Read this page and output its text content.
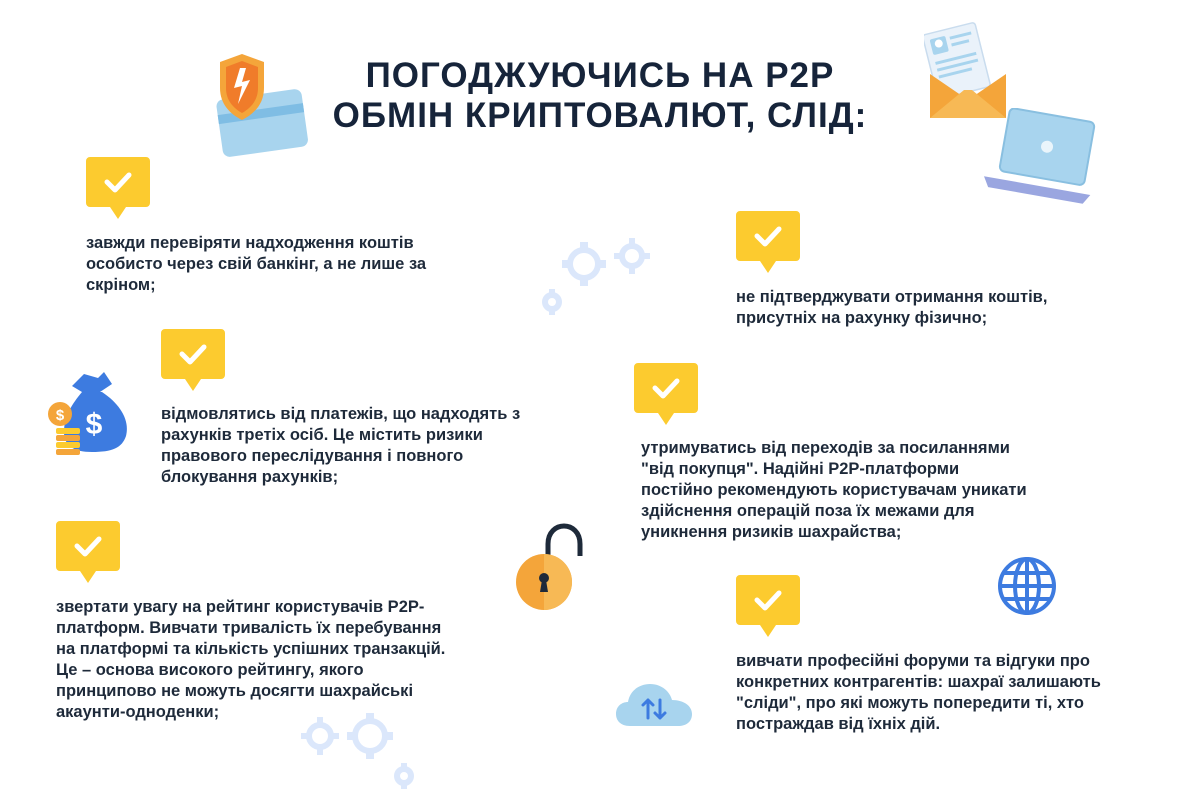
ПОГОДЖУЮЧИСЬ НА P2P
ОБМІН КРИПТОВАЛЮТ, СЛІД:
завжди перевіряти надходження коштів
особисто через свій банкінг, а не лише за
скріном;
не підтверджувати отримання коштів,
присутніх на рахунку фізично;
відмовлятись від платежів, що надходять з
рахунків третіх осіб. Це містить ризики
правового переслідування і повного
блокування рахунків;
утримуватись від переходів за посиланнями
"від покупця". Надійні P2P-платформи
постійно рекомендують користувачам уникати
здійснення операцій поза їх межами для
уникнення ризиків шахрайства;
звертати увагу на рейтинг користувачів P2P-
платформ. Вивчати тривалість їх перебування
на платформі та кількість успішних транзакцій.
Це – основа високого рейтингу, якого
принципово не можуть досягти шахрайські
акаунти-одноденки;
вивчати професійні форуми та відгуки про
конкретних контрагентів: шахраї залишають
"сліди", про які можуть попередити ті, хто
постраждав від їхніх дій.
$
$
